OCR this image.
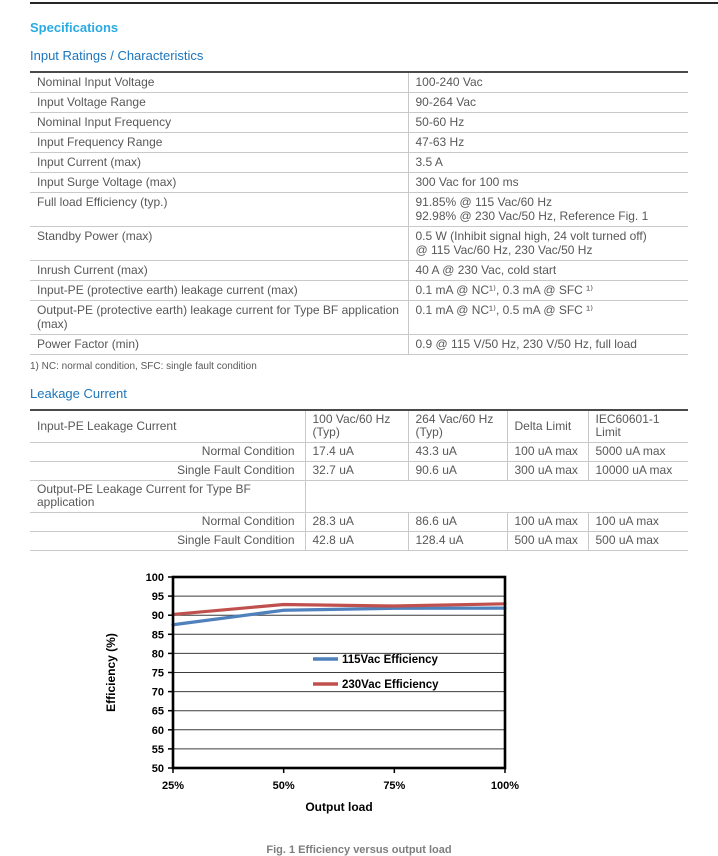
Specifications
Input Ratings / Characteristics
Nominal Input Voltage	100-240 Vac

Input Voltage Range	90-264 Vac

Nominal Input Frequency	50-60 Hz

Input Frequency Range	47-63 Hz

Input Current (max)	3.5 A

Input Surge Voltage (max)	300 Vac for 100 ms

Full load Efficiency (typ.)	91.85% @ 115 Vac/60 Hz
92.98% @ 230 Vac/50 Hz, Reference Fig. 1

Standby Power (max)	0.5 W (Inhibit signal high, 24 volt turned off)
@ 115 Vac/60 Hz, 230 Vac/50 Hz

Inrush Current (max)	40 A @ 230 Vac, cold start

Input-PE (protective earth) leakage current (max)	0.1 mA @ NC¹⁾, 0.3 mA @ SFC ¹⁾

Output-PE (protective earth) leakage current for Type BF application (max)	0.1 mA @ NC¹⁾, 0.5 mA @ SFC ¹⁾

Power Factor (min)	0.9 @ 115 V/50 Hz, 230 V/50 Hz, full load
1) NC: normal condition, SFC: single fault condition
Leakage Current
Input-PE Leakage Current	100 Vac/60 Hz (Typ)	264 Vac/60 Hz (Typ)	Delta Limit	IEC60601-1 Limit
Normal Condition	17.4 uA	43.3 uA	100 uA max	5000 uA max
Single Fault Condition	32.7 uA	90.6 uA	300 uA max	10000 uA max
Output-PE Leakage Current for Type BF application				
Normal Condition	28.3 uA	86.6 uA	100 uA max	100 uA max
Single Fault Condition	42.8 uA	128.4 uA	500 uA max	500 uA max
50
55
60
65
70
75
80
85
90
95
100
25%	50%	75%	100%
115Vac Efficiency
230Vac Efficiency
Output load
Efficiency (%)
Fig. 1 Efficiency versus output load
